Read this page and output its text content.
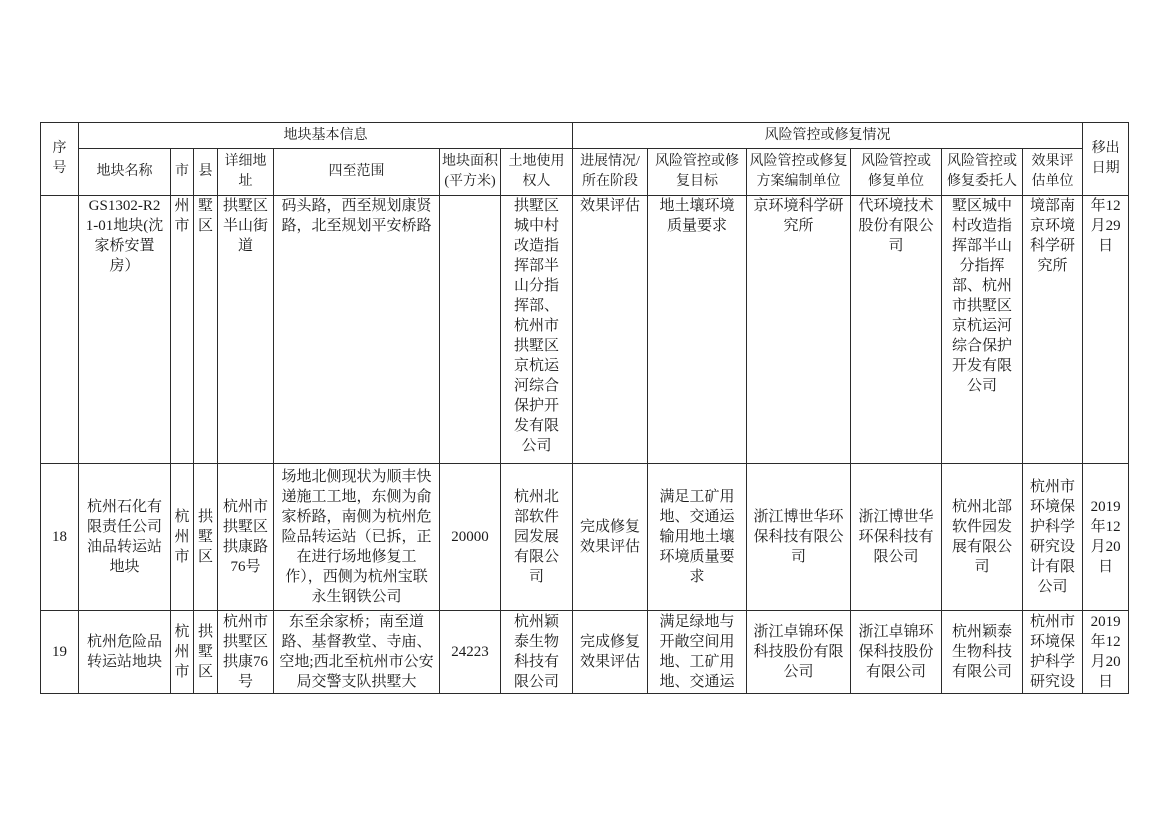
序号	地块基本信息							风险管控或修复情况						移出日期
	地块名称	市	县	详细地址	四至范围	地块面积(平方米)	土地使用权人	进展情况/所在阶段	风险管控或修复目标	风险管控或修复方案编制单位	风险管控或修复单位	风险管控或修复委托人	效果评估单位	
	GS1302-R21-01地块(沈家桥安置房）	州市	墅区	拱墅区半山街道	码头路，西至规划康贤路，北至规划平安桥路		拱墅区城中村改造指挥部半山分指挥部、杭州市拱墅区京杭运河综合保护开发有限公司	效果评估	地土壤环境质量要求	京环境科学研究所	代环境技术股份有限公司	墅区城中村改造指挥部半山分指挥部、杭州市拱墅区京杭运河综合保护开发有限公司	境部南京环境科学研究所	年12月29日
18	杭州石化有限责任公司油品转运站地块	杭州市	拱墅区	杭州市拱墅区拱康路76号	场地北侧现状为顺丰快递施工工地，东侧为俞家桥路，南侧为杭州危险品转运站（已拆，正在进行场地修复工作），西侧为杭州宝联永生钢铁公司	20000	杭州北部软件园发展有限公司	完成修复效果评估	满足工矿用地、交通运输用地土壤环境质量要求	浙江博世华环保科技有限公司	浙江博世华环保科技有限公司	杭州北部软件园发展有限公司	杭州市环境保护科学研究设计有限公司	2019年12月20日
19	杭州危险品转运站地块	杭州市	拱墅区	杭州市拱墅区拱康76号	东至余家桥；南至道路、基督教堂、寺庙、空地;西北至杭州市公安局交警支队拱墅大	24223	杭州颖泰生物科技有限公司	完成修复效果评估	满足绿地与开敞空间用地、工矿用地、交通运	浙江卓锦环保科技股份有限公司	浙江卓锦环保科技股份有限公司	杭州颖泰生物科技有限公司	杭州市环境保护科学研究设	2019年12月20日
